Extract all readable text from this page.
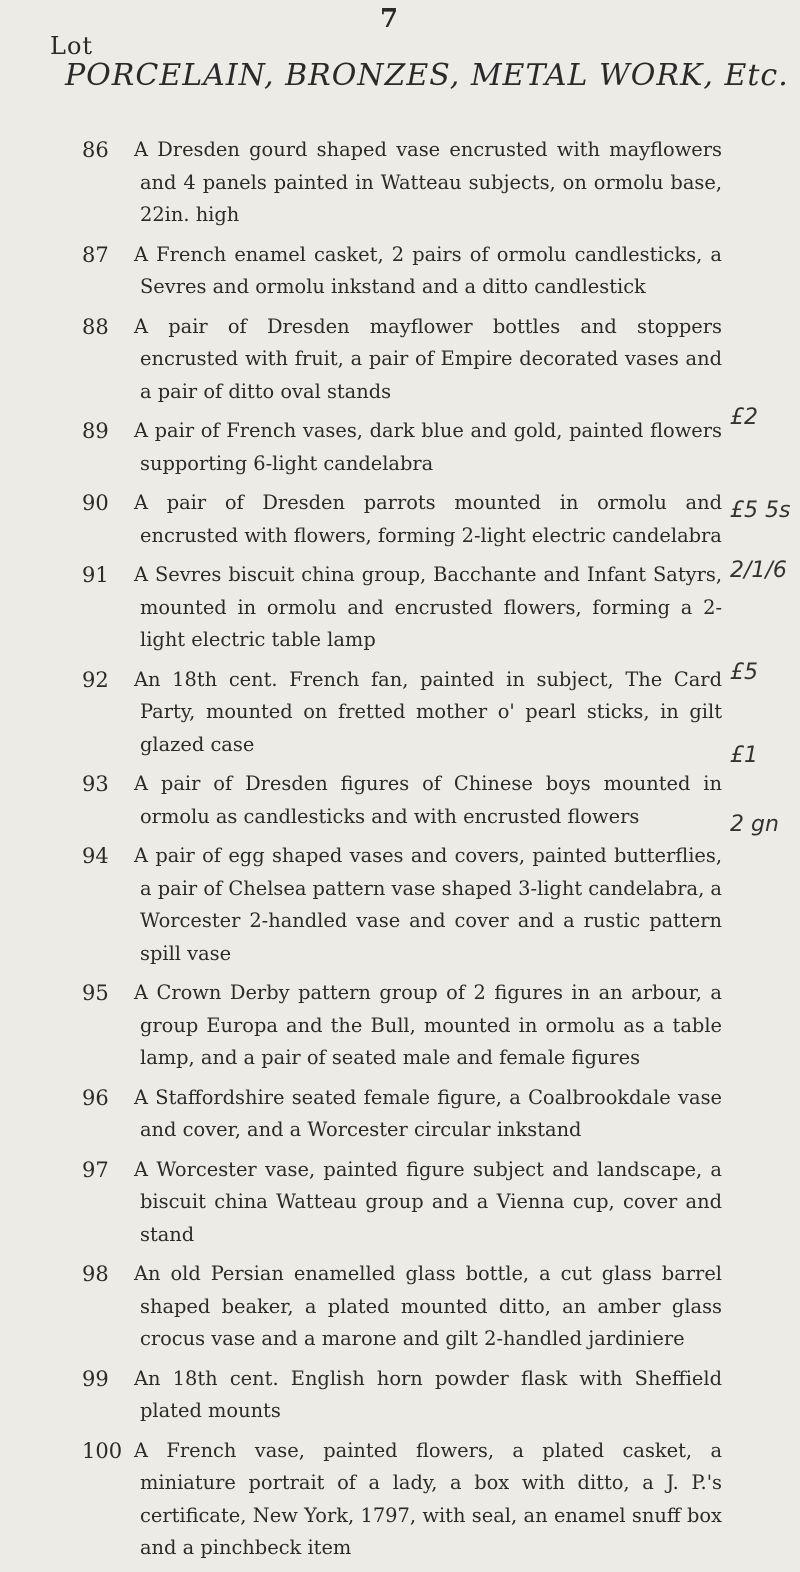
7
Lot
PORCELAIN, BRONZES, METAL WORK, Etc.
86 A Dresden gourd shaped vase encrusted with mayflowers and 4 panels painted in Watteau subjects, on ormolu base, 22in. high
87 A French enamel casket, 2 pairs of ormolu candlesticks, a Sevres and ormolu inkstand and a ditto candlestick
88 A pair of Dresden mayflower bottles and stoppers encrusted with fruit, a pair of Empire decorated vases and a pair of ditto oval stands
89 A pair of French vases, dark blue and gold, painted flowers supporting 6-light candelabra
90 A pair of Dresden parrots mounted in ormolu and encrusted with flowers, forming 2-light electric candelabra
91 A Sevres biscuit china group, Bacchante and Infant Satyrs, mounted in ormolu and encrusted flowers, forming a 2-light electric table lamp
92 An 18th cent. French fan, painted in subject, The Card Party, mounted on fretted mother o' pearl sticks, in gilt glazed case
93 A pair of Dresden figures of Chinese boys mounted in ormolu as candlesticks and with encrusted flowers
94 A pair of egg shaped vases and covers, painted butterflies, a pair of Chelsea pattern vase shaped 3-light candelabra, a Worcester 2-handled vase and cover and a rustic pattern spill vase
95 A Crown Derby pattern group of 2 figures in an arbour, a group Europa and the Bull, mounted in ormolu as a table lamp, and a pair of seated male and female figures
96 A Staffordshire seated female figure, a Coalbrookdale vase and cover, and a Worcester circular inkstand
97 A Worcester vase, painted figure subject and landscape, a biscuit china Watteau group and a Vienna cup, cover and stand
98 An old Persian enamelled glass bottle, a cut glass barrel shaped beaker, a plated mounted ditto, an amber glass crocus vase and a marone and gilt 2-handled jardiniere
99 An 18th cent. English horn powder flask with Sheffield plated mounts
100 A French vase, painted flowers, a plated casket, a miniature portrait of a lady, a box with ditto, a J. P.'s certificate, New York, 1797, with seal, an enamel snuff box and a pinchbeck item
£2
£5 5s
2/1/6
£5
£1
2 gn
